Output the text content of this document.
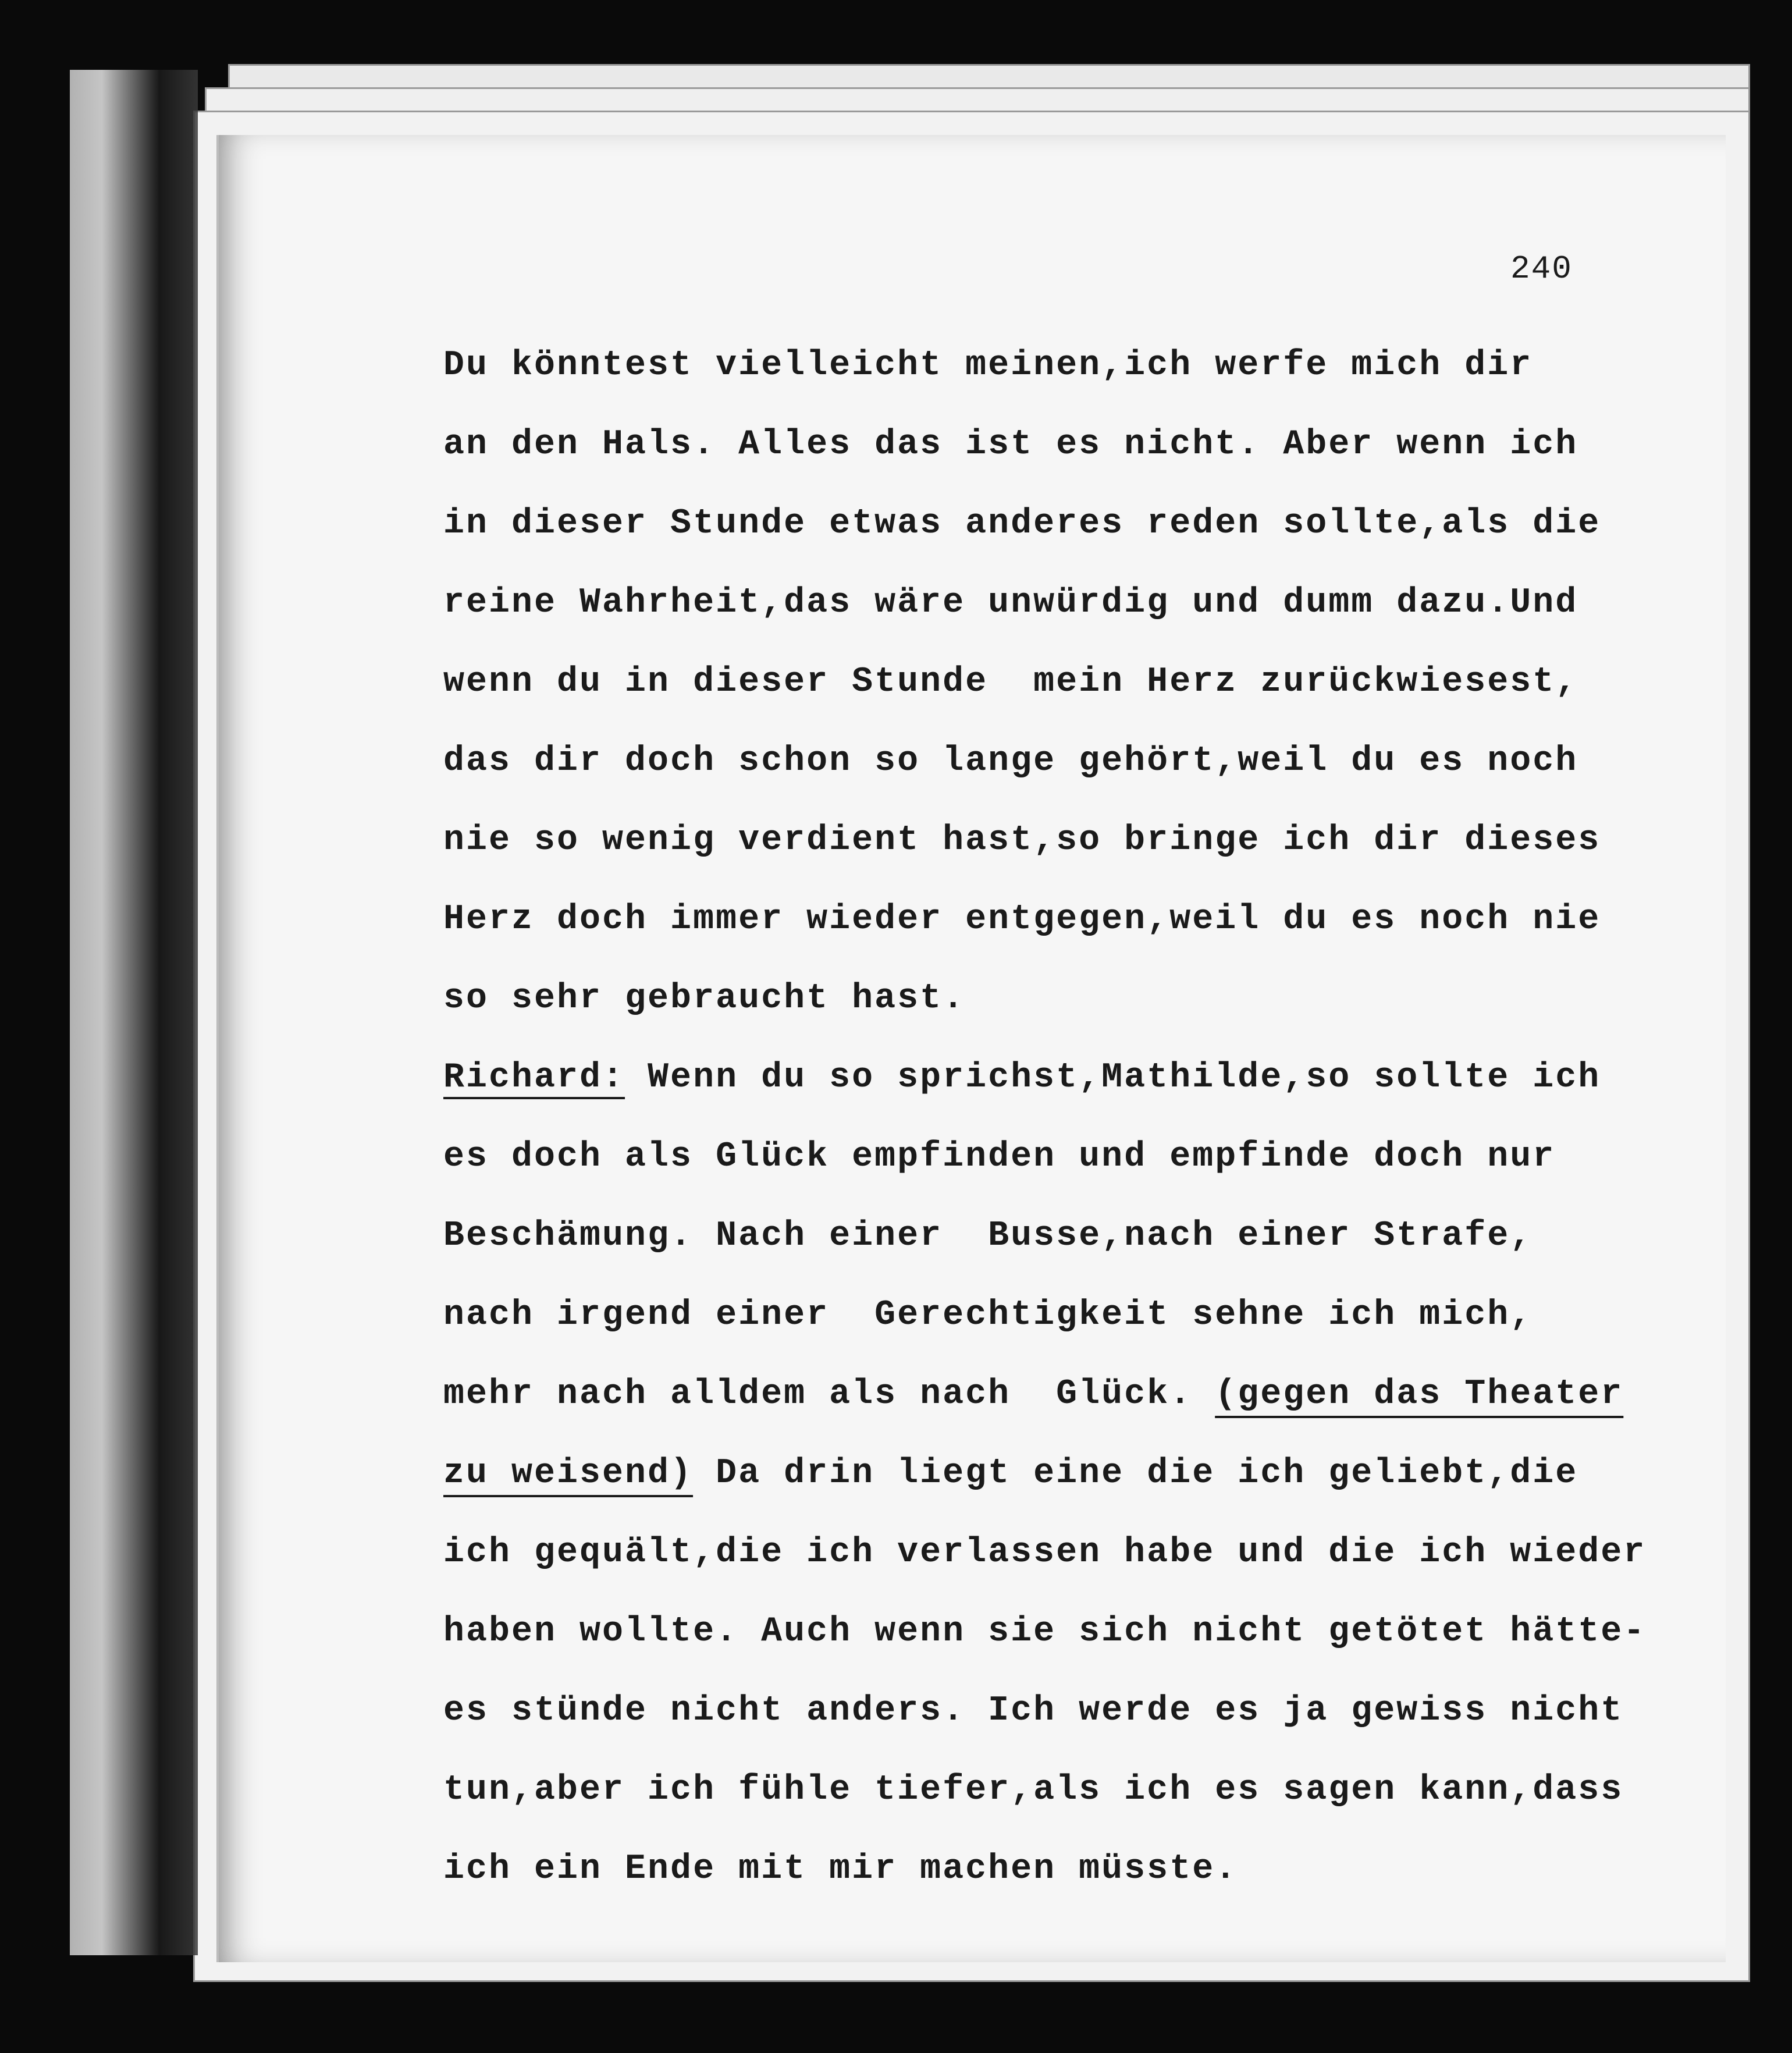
240
Du könntest vielleicht meinen,ich werfe mich dir
an den Hals. Alles das ist es nicht. Aber wenn ich
in dieser Stunde etwas anderes reden sollte,als die
reine Wahrheit,das wäre unwürdig und dumm dazu.Und
wenn du in dieser Stunde  mein Herz zurückwiesest,
das dir doch schon so lange gehört,weil du es noch
nie so wenig verdient hast,so bringe ich dir dieses
Herz doch immer wieder entgegen,weil du es noch nie
so sehr gebraucht hast.
Richard: Wenn du so sprichst,Mathilde,so sollte ich
es doch als Glück empfinden und empfinde doch nur
Beschämung. Nach einer  Busse,nach einer Strafe,
nach irgend einer  Gerechtigkeit sehne ich mich,
mehr nach alldem als nach  Glück. (gegen das Theater
zu weisend) Da drin liegt eine die ich geliebt,die
ich gequält,die ich verlassen habe und die ich wieder
haben wollte. Auch wenn sie sich nicht getötet hätte-
es stünde nicht anders. Ich werde es ja gewiss nicht
tun,aber ich fühle tiefer,als ich es sagen kann,dass
ich ein Ende mit mir machen müsste.
